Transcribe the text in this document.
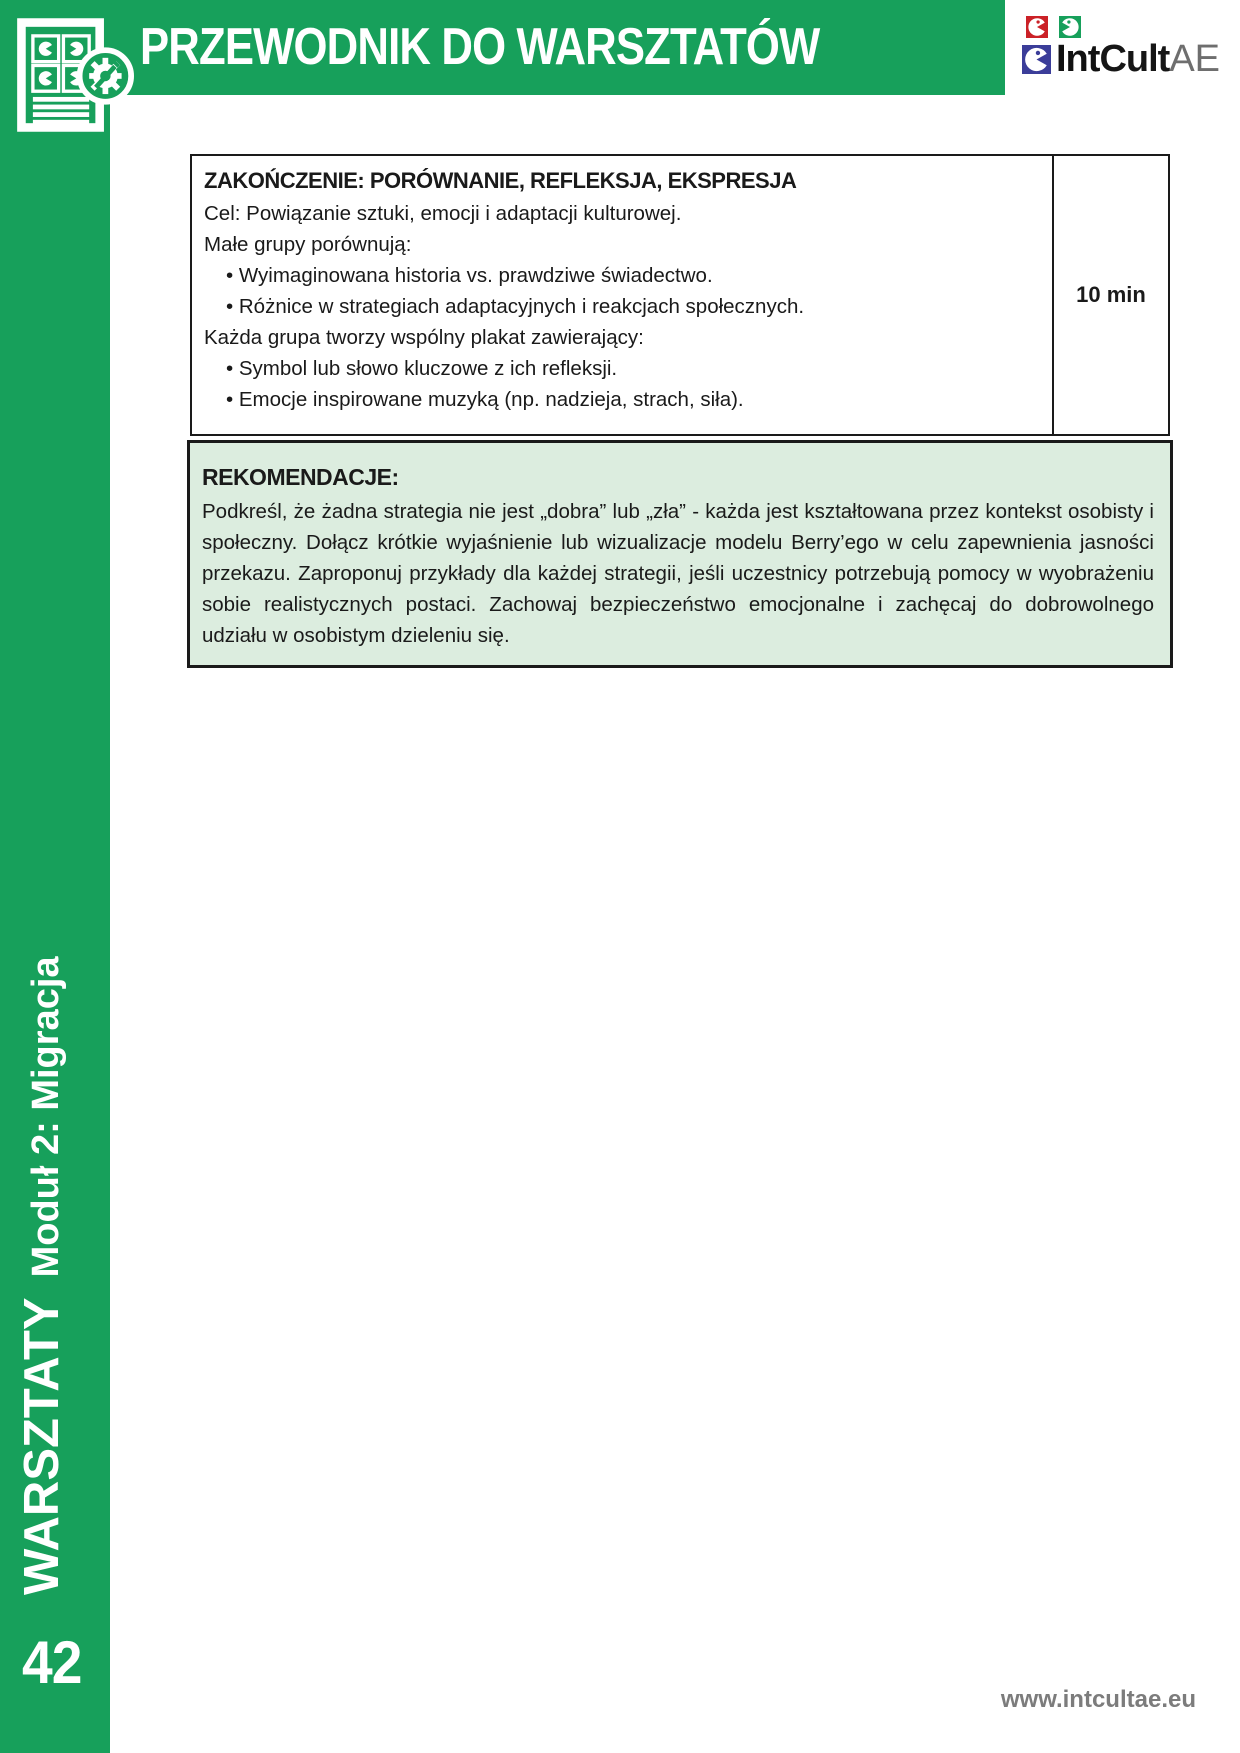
PRZEWODNIK DO WARSZTATÓW	IntCultAE
ZAKOŃCZENIE: PORÓWNANIE, REFLEKSJA, EKSPRESJA
Cel: Powiązanie sztuki, emocji i adaptacji kulturowej.
Małe grupy porównują:
• Wyimaginowana historia vs. prawdziwe świadectwo.
• Różnice w strategiach adaptacyjnych i reakcjach społecznych.
Każda grupa tworzy wspólny plakat zawierający:
• Symbol lub słowo kluczowe z ich refleksji.
• Emocje inspirowane muzyką (np. nadzieja, strach, siła).
10 min
REKOMENDACJE:
Podkreśl, że żadna strategia nie jest „dobra” lub „zła” - każda jest kształtowana przez kontekst osobisty i społeczny. Dołącz krótkie wyjaśnienie lub wizualizacje modelu Berry’ego w celu zapewnienia jasności przekazu. Zaproponuj przykłady dla każdej strategii, jeśli uczestnicy potrzebują pomocy w wyobrażeniu sobie realistycznych postaci. Zachowaj bezpieczeństwo emocjonalne i zachęcaj do dobrowolnego udziału w osobistym dzieleniu się.
WARSZTATYModuł 2: Migracja
42
www.intcultae.eu
